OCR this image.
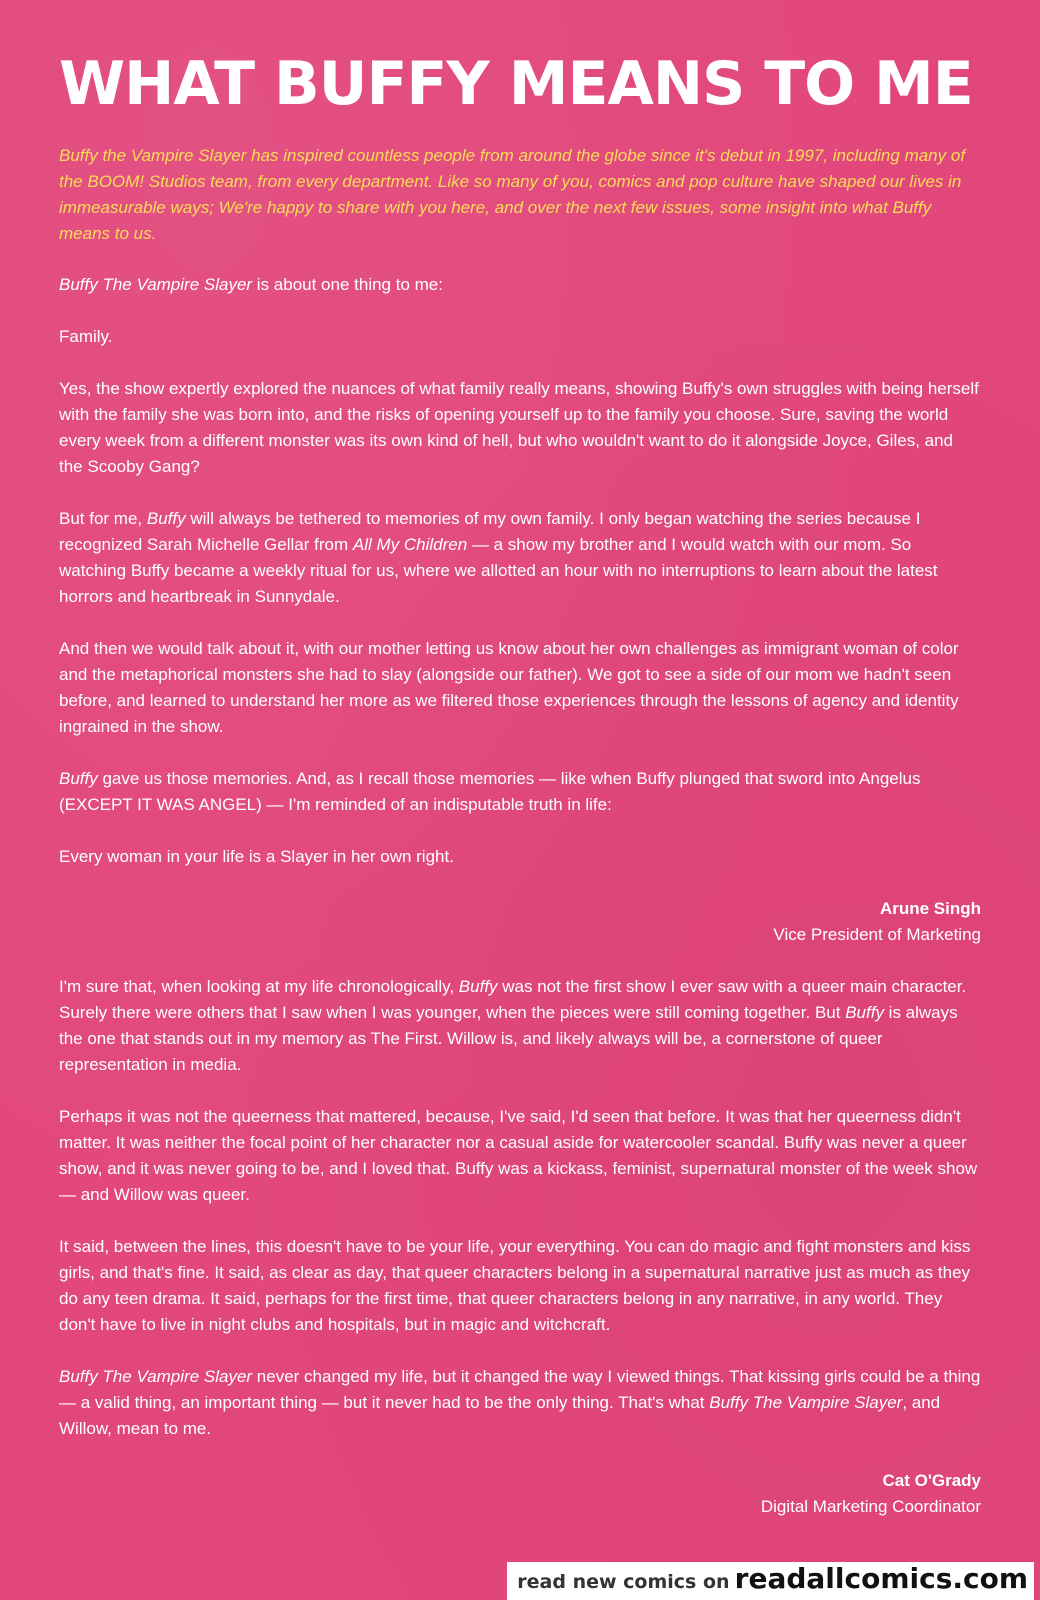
WHAT BUFFY MEANS TO ME

Buffy the Vampire Slayer has inspired countless people from around the globe since it's debut in 1997, including many of the BOOM! Studios team, from every department. Like so many of you, comics and pop culture have shaped our lives in immeasurable ways; We're happy to share with you here, and over the next few issues, some insight into what Buffy means to us.

Buffy The Vampire Slayer is about one thing to me:

Family.

Yes, the show expertly explored the nuances of what family really means, showing Buffy's own struggles with being herself with the family she was born into, and the risks of opening yourself up to the family you choose. Sure, saving the world every week from a different monster was its own kind of hell, but who wouldn't want to do it alongside Joyce, Giles, and the Scooby Gang?

But for me, Buffy will always be tethered to memories of my own family. I only began watching the series because I recognized Sarah Michelle Gellar from All My Children — a show my brother and I would watch with our mom. So watching Buffy became a weekly ritual for us, where we allotted an hour with no interruptions to learn about the latest horrors and heartbreak in Sunnydale.

And then we would talk about it, with our mother letting us know about her own challenges as immigrant woman of color and the metaphorical monsters she had to slay (alongside our father). We got to see a side of our mom we hadn't seen before, and learned to understand her more as we filtered those experiences through the lessons of agency and identity ingrained in the show.

Buffy gave us those memories. And, as I recall those memories — like when Buffy plunged that sword into Angelus (EXCEPT IT WAS ANGEL) — I'm reminded of an indisputable truth in life:

Every woman in your life is a Slayer in her own right.

Arune Singh
Vice President of Marketing

I'm sure that, when looking at my life chronologically, Buffy was not the first show I ever saw with a queer main character. Surely there were others that I saw when I was younger, when the pieces were still coming together. But Buffy is always the one that stands out in my memory as The First. Willow is, and likely always will be, a cornerstone of queer representation in media.

Perhaps it was not the queerness that mattered, because, I've said, I'd seen that before. It was that her queerness didn't matter. It was neither the focal point of her character nor a casual aside for watercooler scandal. Buffy was never a queer show, and it was never going to be, and I loved that. Buffy was a kickass, feminist, supernatural monster of the week show — and Willow was queer.

It said, between the lines, this doesn't have to be your life, your everything. You can do magic and fight monsters and kiss girls, and that's fine. It said, as clear as day, that queer characters belong in a supernatural narrative just as much as they do any teen drama. It said, perhaps for the first time, that queer characters belong in any narrative, in any world. They don't have to live in night clubs and hospitals, but in magic and witchcraft.

Buffy The Vampire Slayer never changed my life, but it changed the way I viewed things. That kissing girls could be a thing — a valid thing, an important thing — but it never had to be the only thing. That's what Buffy The Vampire Slayer, and Willow, mean to me.

Cat O'Grady
Digital Marketing Coordinator
read new comics on readallcomics.com
